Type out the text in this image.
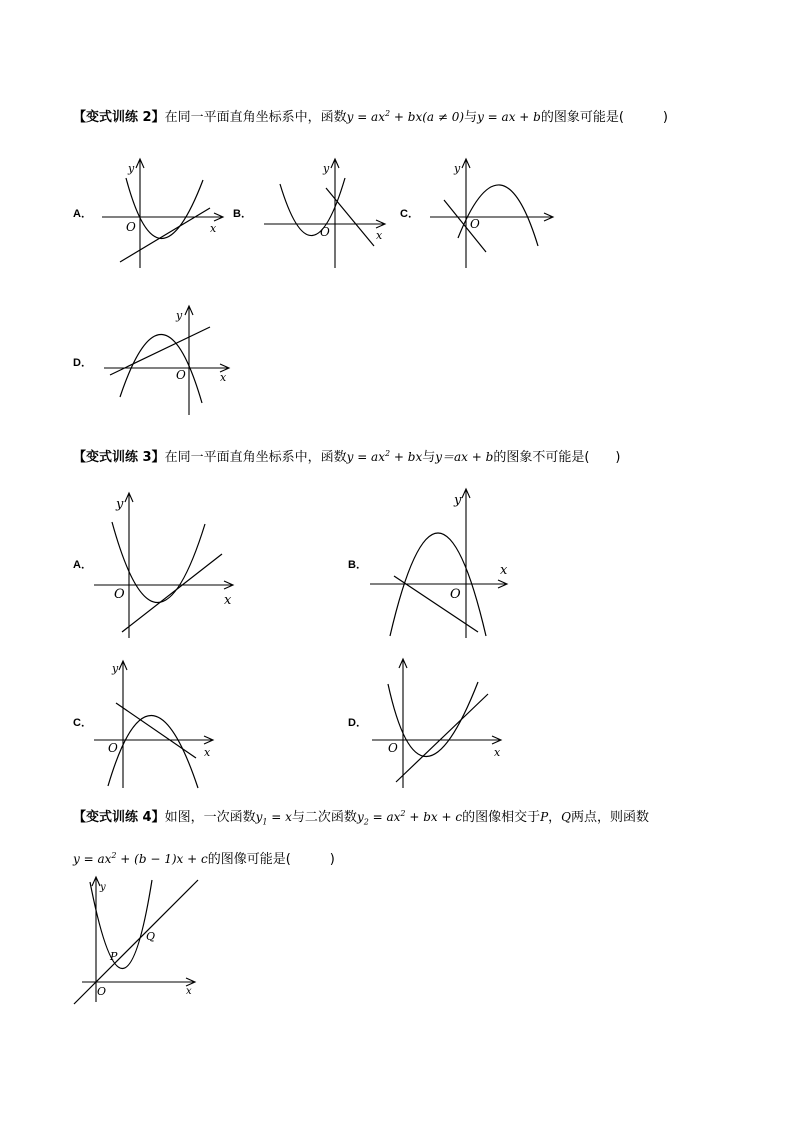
【变式训练 2】在同一平面直角坐标系中，函数$y = ax^2 + bx(a \ne 0)$与y = ax + b的图象可能是(　　　)
A．
y
x
O
B．
y
x
O
C．
y
O
D．
y
x
O
【变式训练 3】在同一平面直角坐标系中，函数$y = ax^2$ + bx与y＝ax + b的图象不可能是(　　)
A．
y
x
O
B．
y
x
O
C．
y
x
O
D．
x
O
【变式训练 4】如图，一次函数$y_1 = x$与二次函数$y_2 = ax^2$ + bx + c的图像相交于P，Q两点，则函数
$y = ax^2 + (b - 1)x + c$的图像可能是(　　　)
y
x
O
P
Q
